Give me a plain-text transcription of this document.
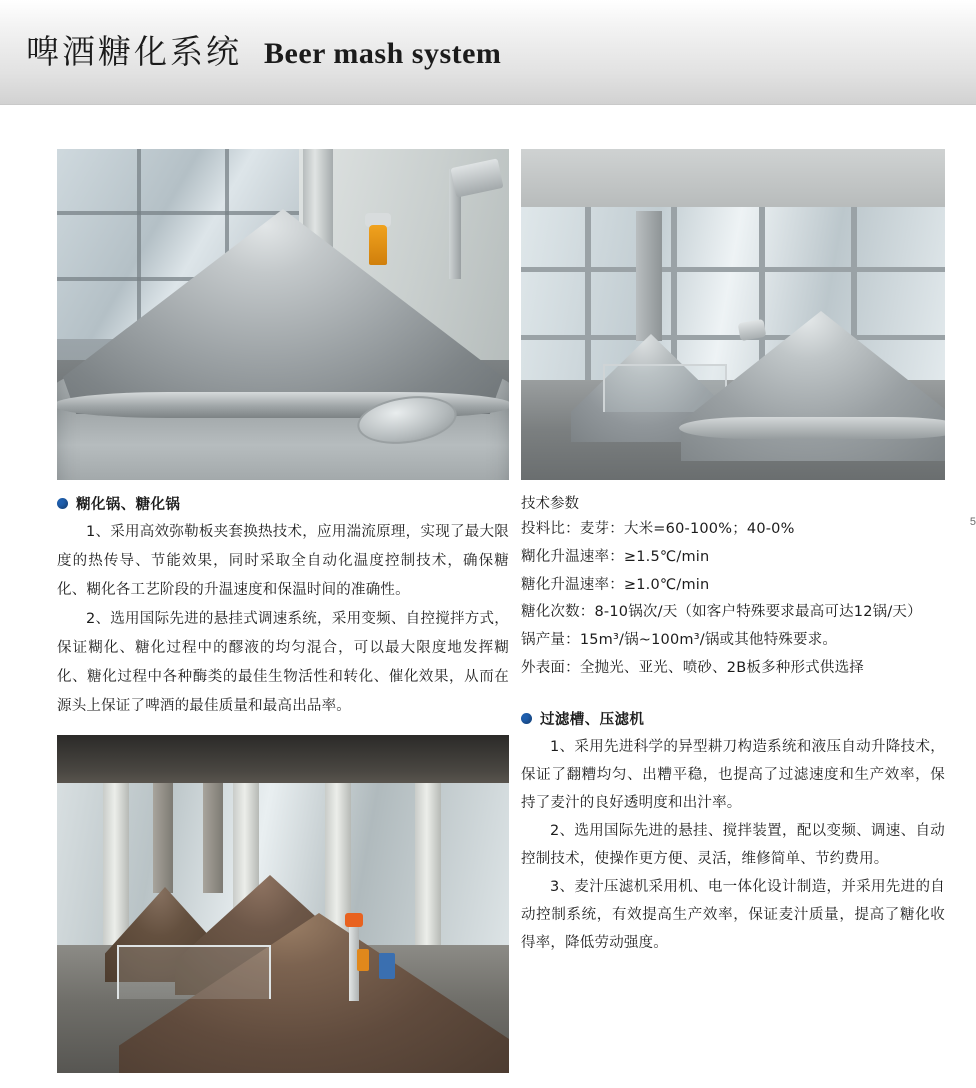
啤酒糖化系统 Beer mash system
糊化锅、糖化锅

1、采用高效弥勒板夹套换热技术，应用湍流原理，实现了最大限度的热传导、节能效果，同时采取全自动化温度控制技术，确保糖化、糊化各工艺阶段的升温速度和保温时间的准确性。

2、选用国际先进的悬挂式调速系统，采用变频、自控搅拌方式，保证糊化、糖化过程中的醪液的均匀混合，可以最大限度地发挥糊化、糖化过程中各种酶类的最佳生物活性和转化、催化效果，从而在源头上保证了啤酒的最佳质量和最高出品率。

技术参数
投料比：麦芽：大米=60-100%；40-0%
糊化升温速率：≥1.5℃/min
糖化升温速率：≥1.0℃/min
糖化次数：8-10锅次/天（如客户特殊要求最高可达12锅/天）
锅产量：15m³/锅~100m³/锅或其他特殊要求。
外表面：全抛光、亚光、喷砂、2B板多种形式供选择
过滤槽、压滤机

1、采用先进科学的异型耕刀构造系统和液压自动升降技术，保证了翻糟均匀、出糟平稳，也提高了过滤速度和生产效率，保持了麦汁的良好透明度和出汁率。

2、选用国际先进的悬挂、搅拌装置，配以变频、调速、自动控制技术，使操作更方便、灵活，维修简单、节约费用。

3、麦汁压滤机采用机、电一体化设计制造，并采用先进的自动控制系统，有效提高生产效率，保证麦汁质量，提高了糖化收得率，降低劳动强度。

5
